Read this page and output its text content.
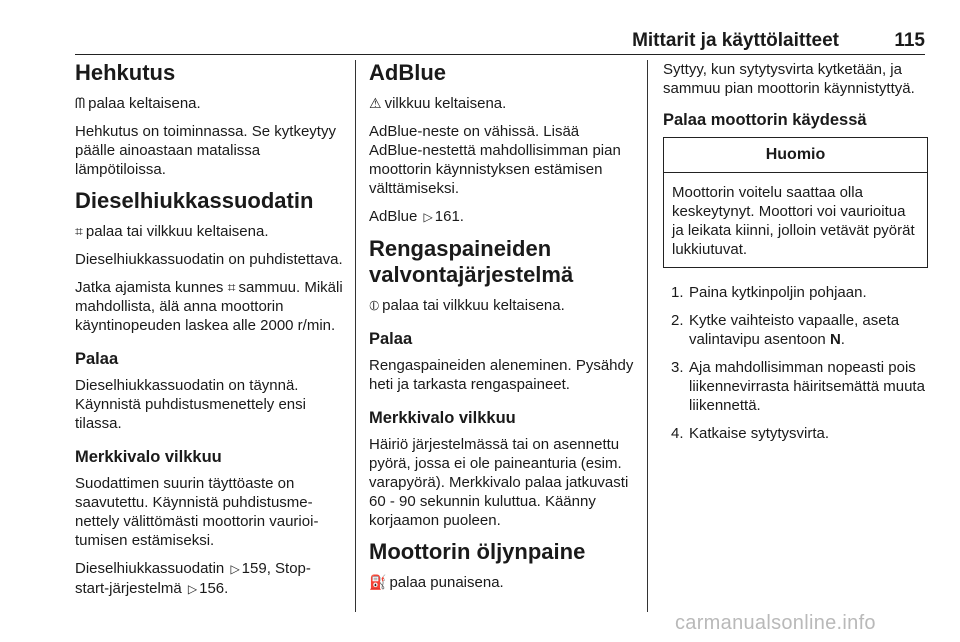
Mittarit ja käyttölaitteet	115
Hehkutus

ᗰ palaa keltaisena.

Hehkutus on toiminnassa. Se kytkeytyy päälle ainoastaan matalissa lämpötiloissa.

Dieselhiukkassuodatin

⌗ palaa tai vilkkuu keltaisena.

Dieselhiukkassuodatin on puhdistettava.

Jatka ajamista kunnes ⌗ sammuu. Mikäli mahdollista, älä anna moottorin käyntinopeuden laskea alle 2000 r/min.

Palaa

Dieselhiukkassuodatin on täynnä. Käynnistä puhdistusmenettely ensi tilassa.

Merkkivalo vilkkuu

Suodattimen suurin täyttöaste on saavutettu. Käynnistä puhdistusmenettely välittömästi moottorin vaurioitumisen estämiseksi.

Dieselhiukkassuodatin ▷ 159, Stop- start-järjestelmä ▷ 156.

AdBlue

⚠ vilkkuu keltaisena.

AdBlue-neste on vähissä. Lisää AdBlue-nestettä mahdollisimman pian moottorin käynnistyksen estämisen välttämiseksi.

AdBlue ▷ 161.

Rengaspaineiden valvontajärjestelmä

⦶ palaa tai vilkkuu keltaisena.

Palaa

Rengaspaineiden aleneminen. Pysähdy heti ja tarkasta rengaspaineet.

Merkkivalo vilkkuu

Häiriö järjestelmässä tai on asennettu pyörä, jossa ei ole paineanturia (esim. varapyörä). Merkkivalo palaa jatkuvasti 60 - 90 sekunnin kuluttua. Käänny korjaamon puoleen.

Moottorin öljynpaine

⛽ palaa punaisena.

Syttyy, kun sytytysvirta kytketään, ja sammuu pian moottorin käynnistyttyä.

Palaa moottorin käydessä
Huomio
Moottorin voitelu saattaa olla keskeytynyt. Moottori voi vaurioitua ja leikata kiinni, jolloin vetävät pyörät lukkiutuvat.
1. Paina kytkinpoljin pohjaan.
2. Kytke vaihteisto vapaalle, aseta valintavipu asentoon N.
3. Aja mahdollisimman nopeasti pois liikennevirrasta häiritsemättä muuta liikennettä.
4. Katkaise sytytysvirta.
carmanualsonline.info
